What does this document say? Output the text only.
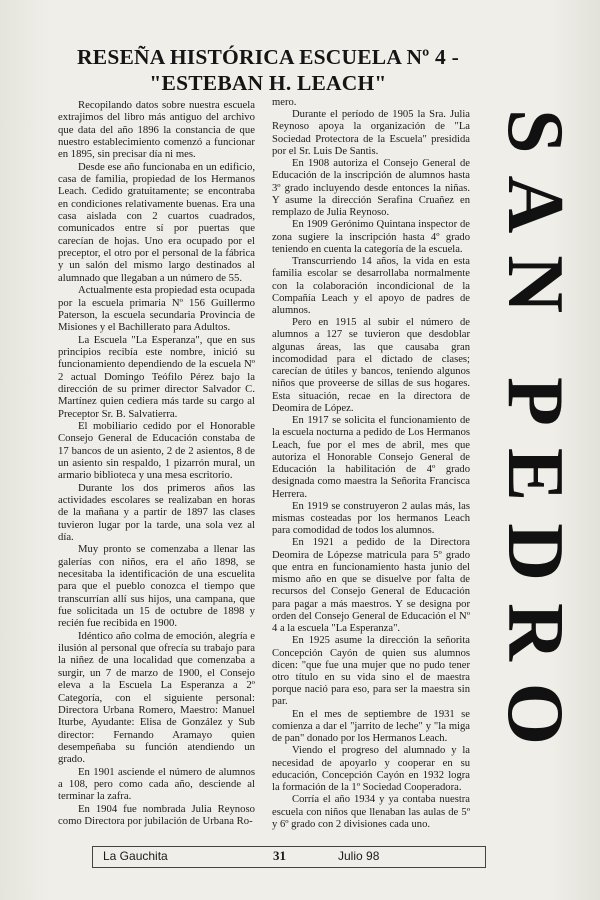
RESEÑA HISTÓRICA ESCUELA Nº 4 -
"ESTEBAN H. LEACH"

Recopilando datos sobre nuestra escuela extrajimos del libro más antiguo del archivo que data del año 1896 la constancia de que nuestro establecimiento comenzó a funcionar en 1895, sin precisar día ni mes.

Desde ese año funcionaba en un edificio, casa de familia, propiedad de los Hermanos Leach. Cedido gratuitamente; se encontraba en condiciones relativamente buenas. Era una casa aislada con 2 cuartos cuadrados, comunicados entre sí por puertas que carecían de hojas. Uno era ocupado por el preceptor, el otro por el personal de la fábrica y un salón del mismo largo destinados al alumnado que llegaban a un número de 55.

Actualmente esta propiedad esta ocupada por la escuela primaria Nº 156 Guillermo Paterson, la escuela secundaria Provincia de Misiones y el Bachillerato para Adultos.

La Escuela "La Esperanza", que en sus principios recibía este nombre, inició su funcionamiento dependiendo de la escuela Nº 2 actual Domingo Teófilo Pérez bajo la dirección de su primer director Salvador C. Martínez quien cediera más tarde su cargo al Preceptor Sr. B. Salvatierra.

El mobiliario cedido por el Honorable Consejo General de Educación constaba de 17 bancos de un asiento, 2 de 2 asientos, 8 de un asiento sin respaldo, 1 pizarrón mural, un armario biblioteca y una mesa escritorio.

Durante los dos primeros años las actividades escolares se realizaban en horas de la mañana y a partir de 1897 las clases tuvieron lugar por la tarde, una sola vez al día.

Muy pronto se comenzaba a llenar las galerías con niños, era el año 1898, se necesitaba la identificación de una escuelita para que el pueblo conozca el tiempo que transcurrían allí sus hijos, una campana, que fue solicitada un 15 de octubre de 1898 y recién fue recibida en 1900.

Idéntico año colma de emoción, alegría e ilusión al personal que ofrecía su trabajo para la niñez de una localidad que comenzaba a surgir, un 7 de marzo de 1900, el Consejo eleva a la Escuela La Esperanza a 2º Categoría, con el siguiente personal: Directora Urbana Romero, Maestro: Manuel Iturbe, Ayudante: Elisa de González y Sub director: Fernando Aramayo quien desempeñaba su función atendiendo un grado.

En 1901 asciende el número de alumnos a 108, pero como cada año, desciende al terminar la zafra.

En 1904 fue nombrada Julia Reynoso como Directora por jubilación de Urbana Ro-

mero.

Durante el período de 1905 la Sra. Julia Reynoso apoya la organización de "La Sociedad Protectora de la Escuela" presidida por el Sr. Luis De Santis.

En 1908 autoriza el Consejo General de Educación de la inscripción de alumnos hasta 3º grado incluyendo desde entonces la niñas. Y asume la dirección Serafina Cruañez en remplazo de Julia Reynoso.

En 1909 Gerónimo Quintana inspector de zona sugiere la inscripción hasta 4º grado teniendo en cuenta la categoría de la escuela.

Transcurriendo 14 años, la vida en esta familia escolar se desarrollaba normalmente con la colaboración incondicional de la Compañía Leach y el apoyo de padres de alumnos.

Pero en 1915 al subir el número de alumnos a 127 se tuvieron que desdoblar algunas áreas, las que causaba gran incomodidad para el dictado de clases; carecían de útiles y bancos, teniendo algunos niños que proveerse de sillas de sus hogares. Esta situación, recae en la directora de Deomira de López.

En 1917 se solicita el funcionamiento de la escuela nocturna a pedido de Los Hermanos Leach, fue por el mes de abril, mes que autoriza el Honorable Consejo General de Educación la habilitación de 4º grado designada como maestra la Señorita Francisca Herrera.

En 1919 se construyeron 2 aulas más, las mismas costeadas por los hermanos Leach para comodidad de todos los alumnos.

En 1921 a pedido de la Directora Deomira de Lópezse matricula para 5º grado que entra en funcionamiento hasta junio del mismo año en que se disuelve por falta de recursos del Consejo General de Educación para pagar a más maestros. Y se designa por orden del Consejo General de Educación el Nº 4 a la escuela "La Esperanza".

En 1925 asume la dirección la señorita Concepción Cayón de quien sus alumnos dicen: "que fue una mujer que no pudo tener otro título en su vida sino el de maestra porque nació para eso, para ser la maestra sin par.

En el mes de septiembre de 1931 se comienza a dar el "jarrito de leche" y "la miga de pan" donado por los Hermanos Leach.

Viendo el progreso del alumnado y la necesidad de apoyarlo y cooperar en su educación, Concepción Cayón en 1932 logra la formación de la 1º Sociedad Cooperadora.

Corría el año 1934 y ya contaba nuestra escuela con niños que llenaban las aulas de 5º y 6º grado con 2 divisiones cada uno.

SAN PEDRO
La Gauchita	31	Julio 98
